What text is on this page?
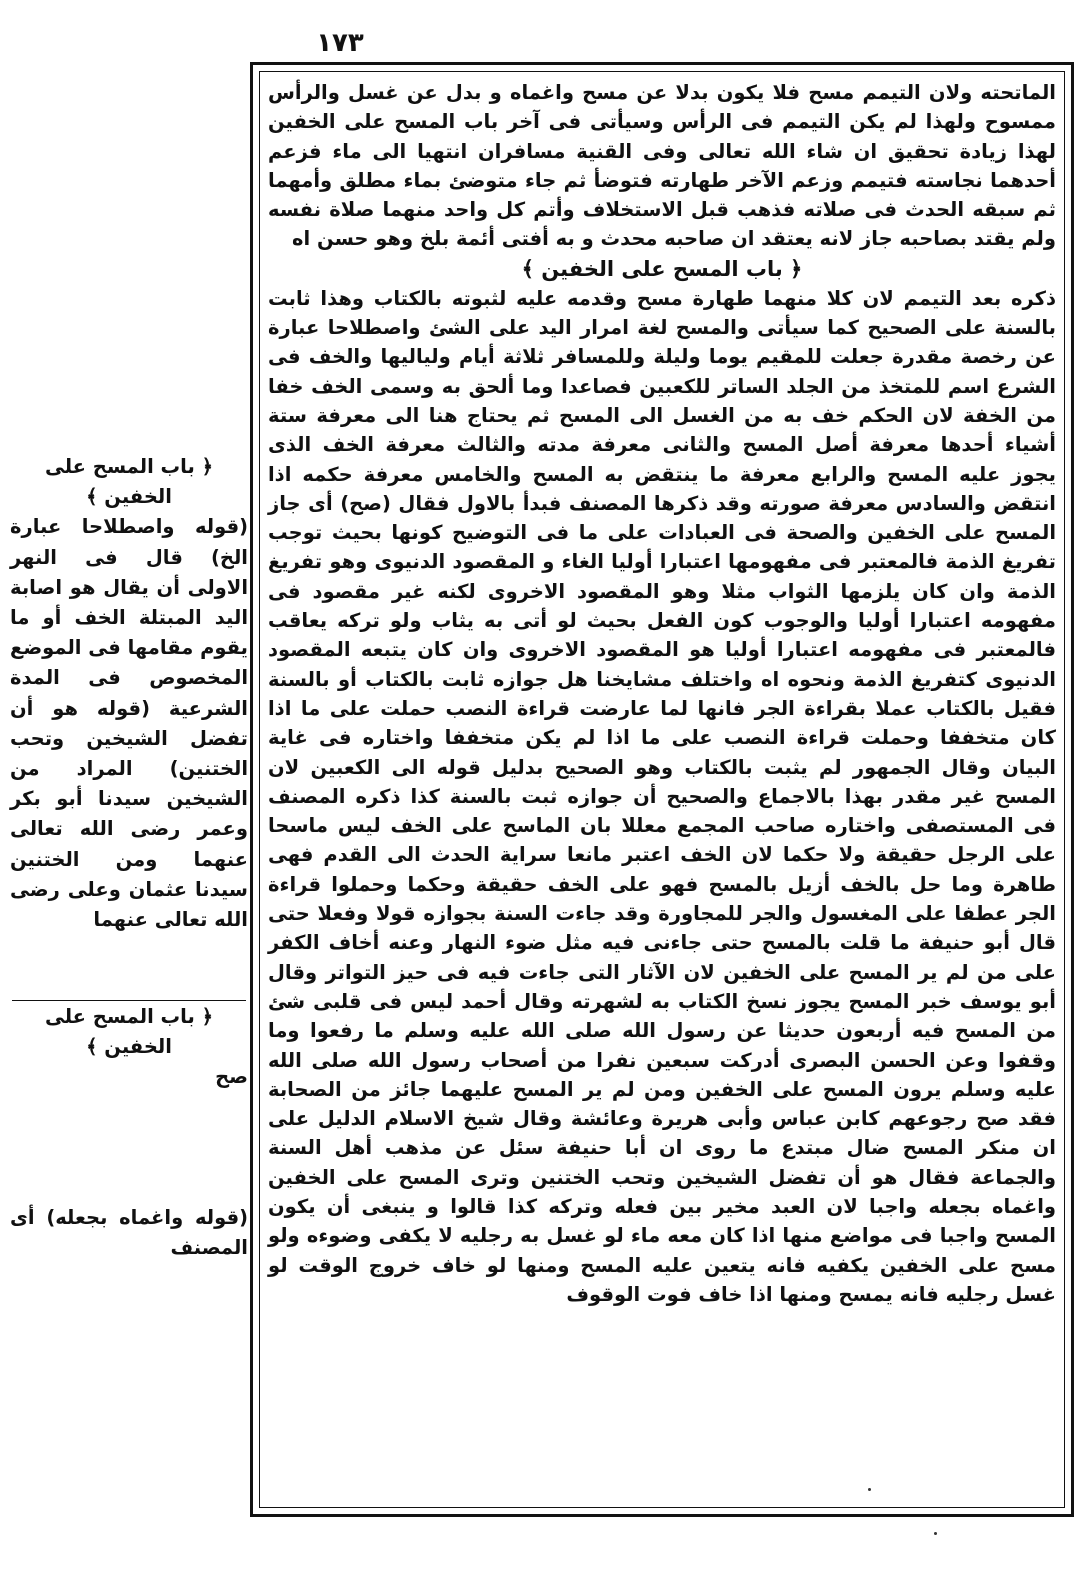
۱۷۳

﴿ باب المسح على الخفين ﴾

(قوله واصطلاحا عبارة الخ) قال فى النهر الاولى أن يقال هو اصابة اليد المبتلة الخف أو ما يقوم مقامها فى الموضع المخصوص فى المدة الشرعية (قوله هو أن تفضل الشيخين وتحب الختنين) المراد من الشيخين سيدنا أبو بكر وعمر رضى الله تعالى عنهما ومن الختنين سيدنا عثمان وعلى رضى الله تعالى عنهما

﴿ باب المسح على الخفين ﴾

صح

(قوله واغماه بجعله) أى المصنف

الماتحته ولان التيمم مسح فلا يكون بدلا عن مسح واغماه و بدل عن غسل والرأس ممسوح ولهذا لم يكن التيمم فى الرأس وسيأتى فى آخر باب المسح على الخفين لهذا زيادة تحقيق ان شاء الله تعالى وفى القنية مسافران انتهيا الى ماء فزعم أحدهما نجاسته فتيمم وزعم الآخر طهارته فتوضأ ثم جاء متوضئ بماء مطلق وأمهما ثم سبقه الحدث فى صلاته فذهب قبل الاستخلاف وأتم كل واحد منهما صلاة نفسه ولم يقتد بصاحبه جاز لانه يعتقد ان صاحبه محدث و به أفتى أئمة بلخ وهو حسن اه

﴿ باب المسح على الخفين ﴾

ذكره بعد التيمم لان كلا منهما طهارة مسح وقدمه عليه لثبوته بالكتاب وهذا ثابت بالسنة على الصحيح كما سيأتى والمسح لغة امرار اليد على الشئ واصطلاحا عبارة عن رخصة مقدرة جعلت للمقيم يوما وليلة وللمسافر ثلاثة أيام ولياليها والخف فى الشرع اسم للمتخذ من الجلد الساتر للكعبين فصاعدا وما ألحق به وسمى الخف خفا من الخفة لان الحكم خف به من الغسل الى المسح ثم يحتاج هنا الى معرفة ستة أشياء أحدها معرفة أصل المسح والثانى معرفة مدته والثالث معرفة الخف الذى يجوز عليه المسح والرابع معرفة ما ينتقض به المسح والخامس معرفة حكمه اذا انتقض والسادس معرفة صورته وقد ذكرها المصنف فبدأ بالاول فقال (صح) أى جاز المسح على الخفين والصحة فى العبادات على ما فى التوضيح كونها بحيث توجب تفريغ الذمة فالمعتبر فى مفهومها اعتبارا أوليا الغاء و المقصود الدنيوى وهو تفريغ الذمة وان كان يلزمها الثواب مثلا وهو المقصود الاخروى لكنه غير مقصود فى مفهومه اعتبارا أوليا والوجوب كون الفعل بحيث لو أتى به يثاب ولو تركه يعاقب فالمعتبر فى مفهومه اعتبارا أوليا هو المقصود الاخروى وان كان يتبعه المقصود الدنيوى كتفريغ الذمة ونحوه اه واختلف مشايخنا هل جوازه ثابت بالكتاب أو بالسنة فقيل بالكتاب عملا بقراءة الجر فانها لما عارضت قراءة النصب حملت على ما اذا كان متخففا وحملت قراءة النصب على ما اذا لم يكن متخففا واختاره فى غاية البيان وقال الجمهور لم يثبت بالكتاب وهو الصحيح بدليل قوله الى الكعبين لان المسح غير مقدر بهذا بالاجماع والصحيح أن جوازه ثبت بالسنة كذا ذكره المصنف فى المستصفى واختاره صاحب المجمع معللا بان الماسح على الخف ليس ماسحا على الرجل حقيقة ولا حكما لان الخف اعتبر مانعا سراية الحدث الى القدم فهى طاهرة وما حل بالخف أزيل بالمسح فهو على الخف حقيقة وحكما وحملوا قراءة الجر عطفا على المغسول والجر للمجاورة وقد جاءت السنة بجوازه قولا وفعلا حتى قال أبو حنيفة ما قلت بالمسح حتى جاءنى فيه مثل ضوء النهار وعنه أخاف الكفر على من لم ير المسح على الخفين لان الآثار التى جاءت فيه فى حيز التواتر وقال أبو يوسف خبر المسح يجوز نسخ الكتاب به لشهرته وقال أحمد ليس فى قلبى شئ من المسح فيه أربعون حديثا عن رسول الله صلى الله عليه وسلم ما رفعوا وما وقفوا وعن الحسن البصرى أدركت سبعين نفرا من أصحاب رسول الله صلى الله عليه وسلم يرون المسح على الخفين ومن لم ير المسح عليهما جائز من الصحابة فقد صح رجوعهم كابن عباس وأبى هريرة وعائشة وقال شيخ الاسلام الدليل على ان منكر المسح ضال مبتدع ما روى ان أبا حنيفة سئل عن مذهب أهل السنة والجماعة فقال هو أن تفضل الشيخين وتحب الختنين وترى المسح على الخفين واغماه بجعله واجبا لان العبد مخير بين فعله وتركه كذا قالوا و ينبغى أن يكون المسح واجبا فى مواضع منها اذا كان معه ماء لو غسل به رجليه لا يكفى وضوءه ولو مسح على الخفين يكفيه فانه يتعين عليه المسح ومنها لو خاف خروج الوقت لو غسل رجليه فانه يمسح ومنها اذا خاف فوت الوقوف
